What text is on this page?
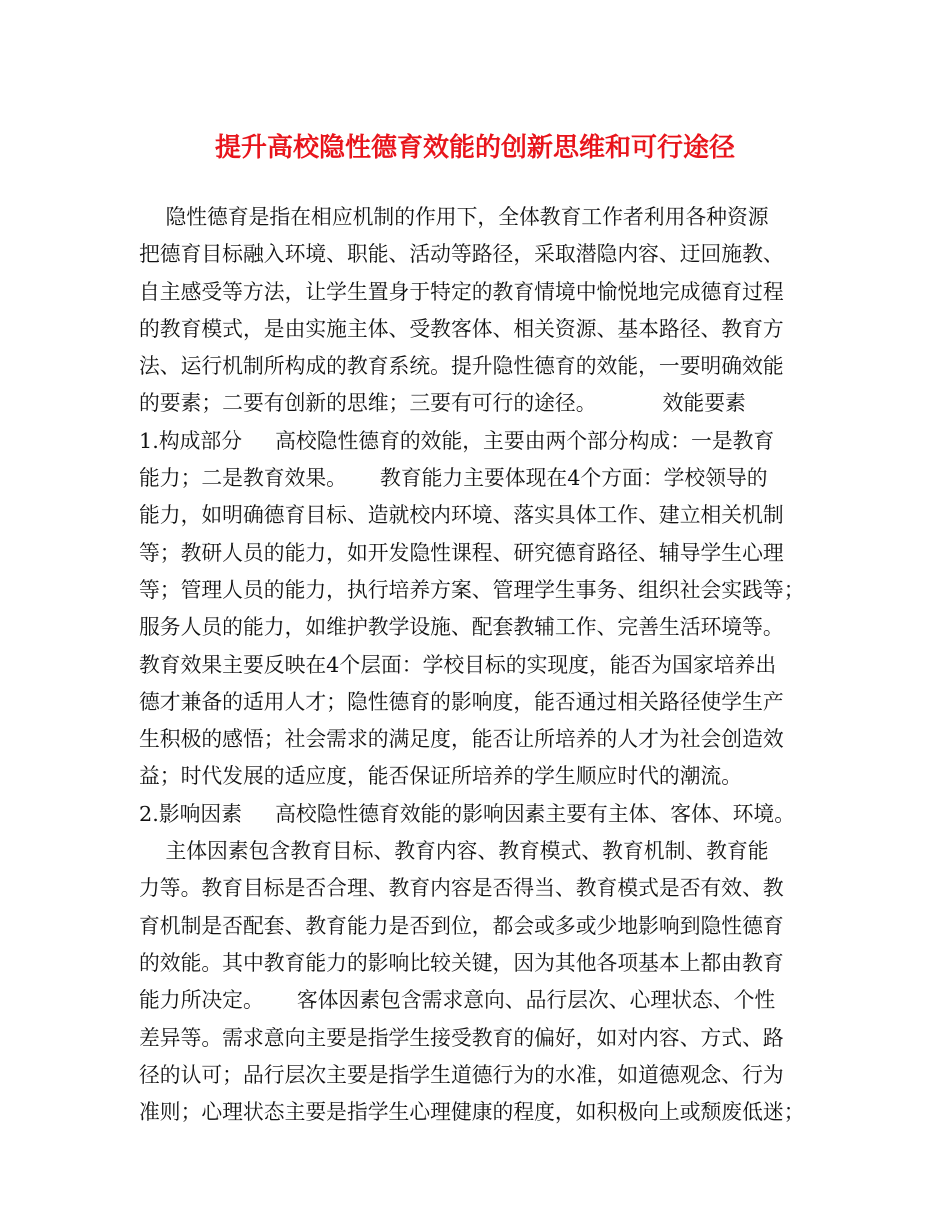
提升高校隐性德育效能的创新思维和可行途径

隐性德育是指在相应机制的作用下，全体教育工作者利用各种资源

把德育目标融入环境、职能、活动等路径，采取潜隐内容、迂回施教、

自主感受等方法，让学生置身于特定的教育情境中愉悦地完成德育过程

的教育模式，是由实施主体、受教客体、相关资源、基本路径、教育方

法、运行机制所构成的教育系统。提升隐性德育的效能，一要明确效能

的要素；二要有创新的思维；三要有可行的途径。          效能要素

1.构成部分     高校隐性德育的效能，主要由两个部分构成：一是教育

能力；二是教育效果。     教育能力主要体现在4个方面：学校领导的

能力，如明确德育目标、造就校内环境、落实具体工作、建立相关机制

等；教研人员的能力，如开发隐性课程、研究德育路径、辅导学生心理

等；管理人员的能力，执行培养方案、管理学生事务、组织社会实践等；

服务人员的能力，如维护教学设施、配套教辅工作、完善生活环境等。

教育效果主要反映在4个层面：学校目标的实现度，能否为国家培养出

德才兼备的适用人才；隐性德育的影响度，能否通过相关路径使学生产

生积极的感悟；社会需求的满足度，能否让所培养的人才为社会创造效

益；时代发展的适应度，能否保证所培养的学生顺应时代的潮流。

2.影响因素     高校隐性德育效能的影响因素主要有主体、客体、环境。

主体因素包含教育目标、教育内容、教育模式、教育机制、教育能

力等。教育目标是否合理、教育内容是否得当、教育模式是否有效、教

育机制是否配套、教育能力是否到位，都会或多或少地影响到隐性德育

的效能。其中教育能力的影响比较关键，因为其他各项基本上都由教育

能力所决定。     客体因素包含需求意向、品行层次、心理状态、个性

差异等。需求意向主要是指学生接受教育的偏好，如对内容、方式、路

径的认可；品行层次主要是指学生道德行为的水准，如道德观念、行为

准则；心理状态主要是指学生心理健康的程度，如积极向上或颓废低迷；
